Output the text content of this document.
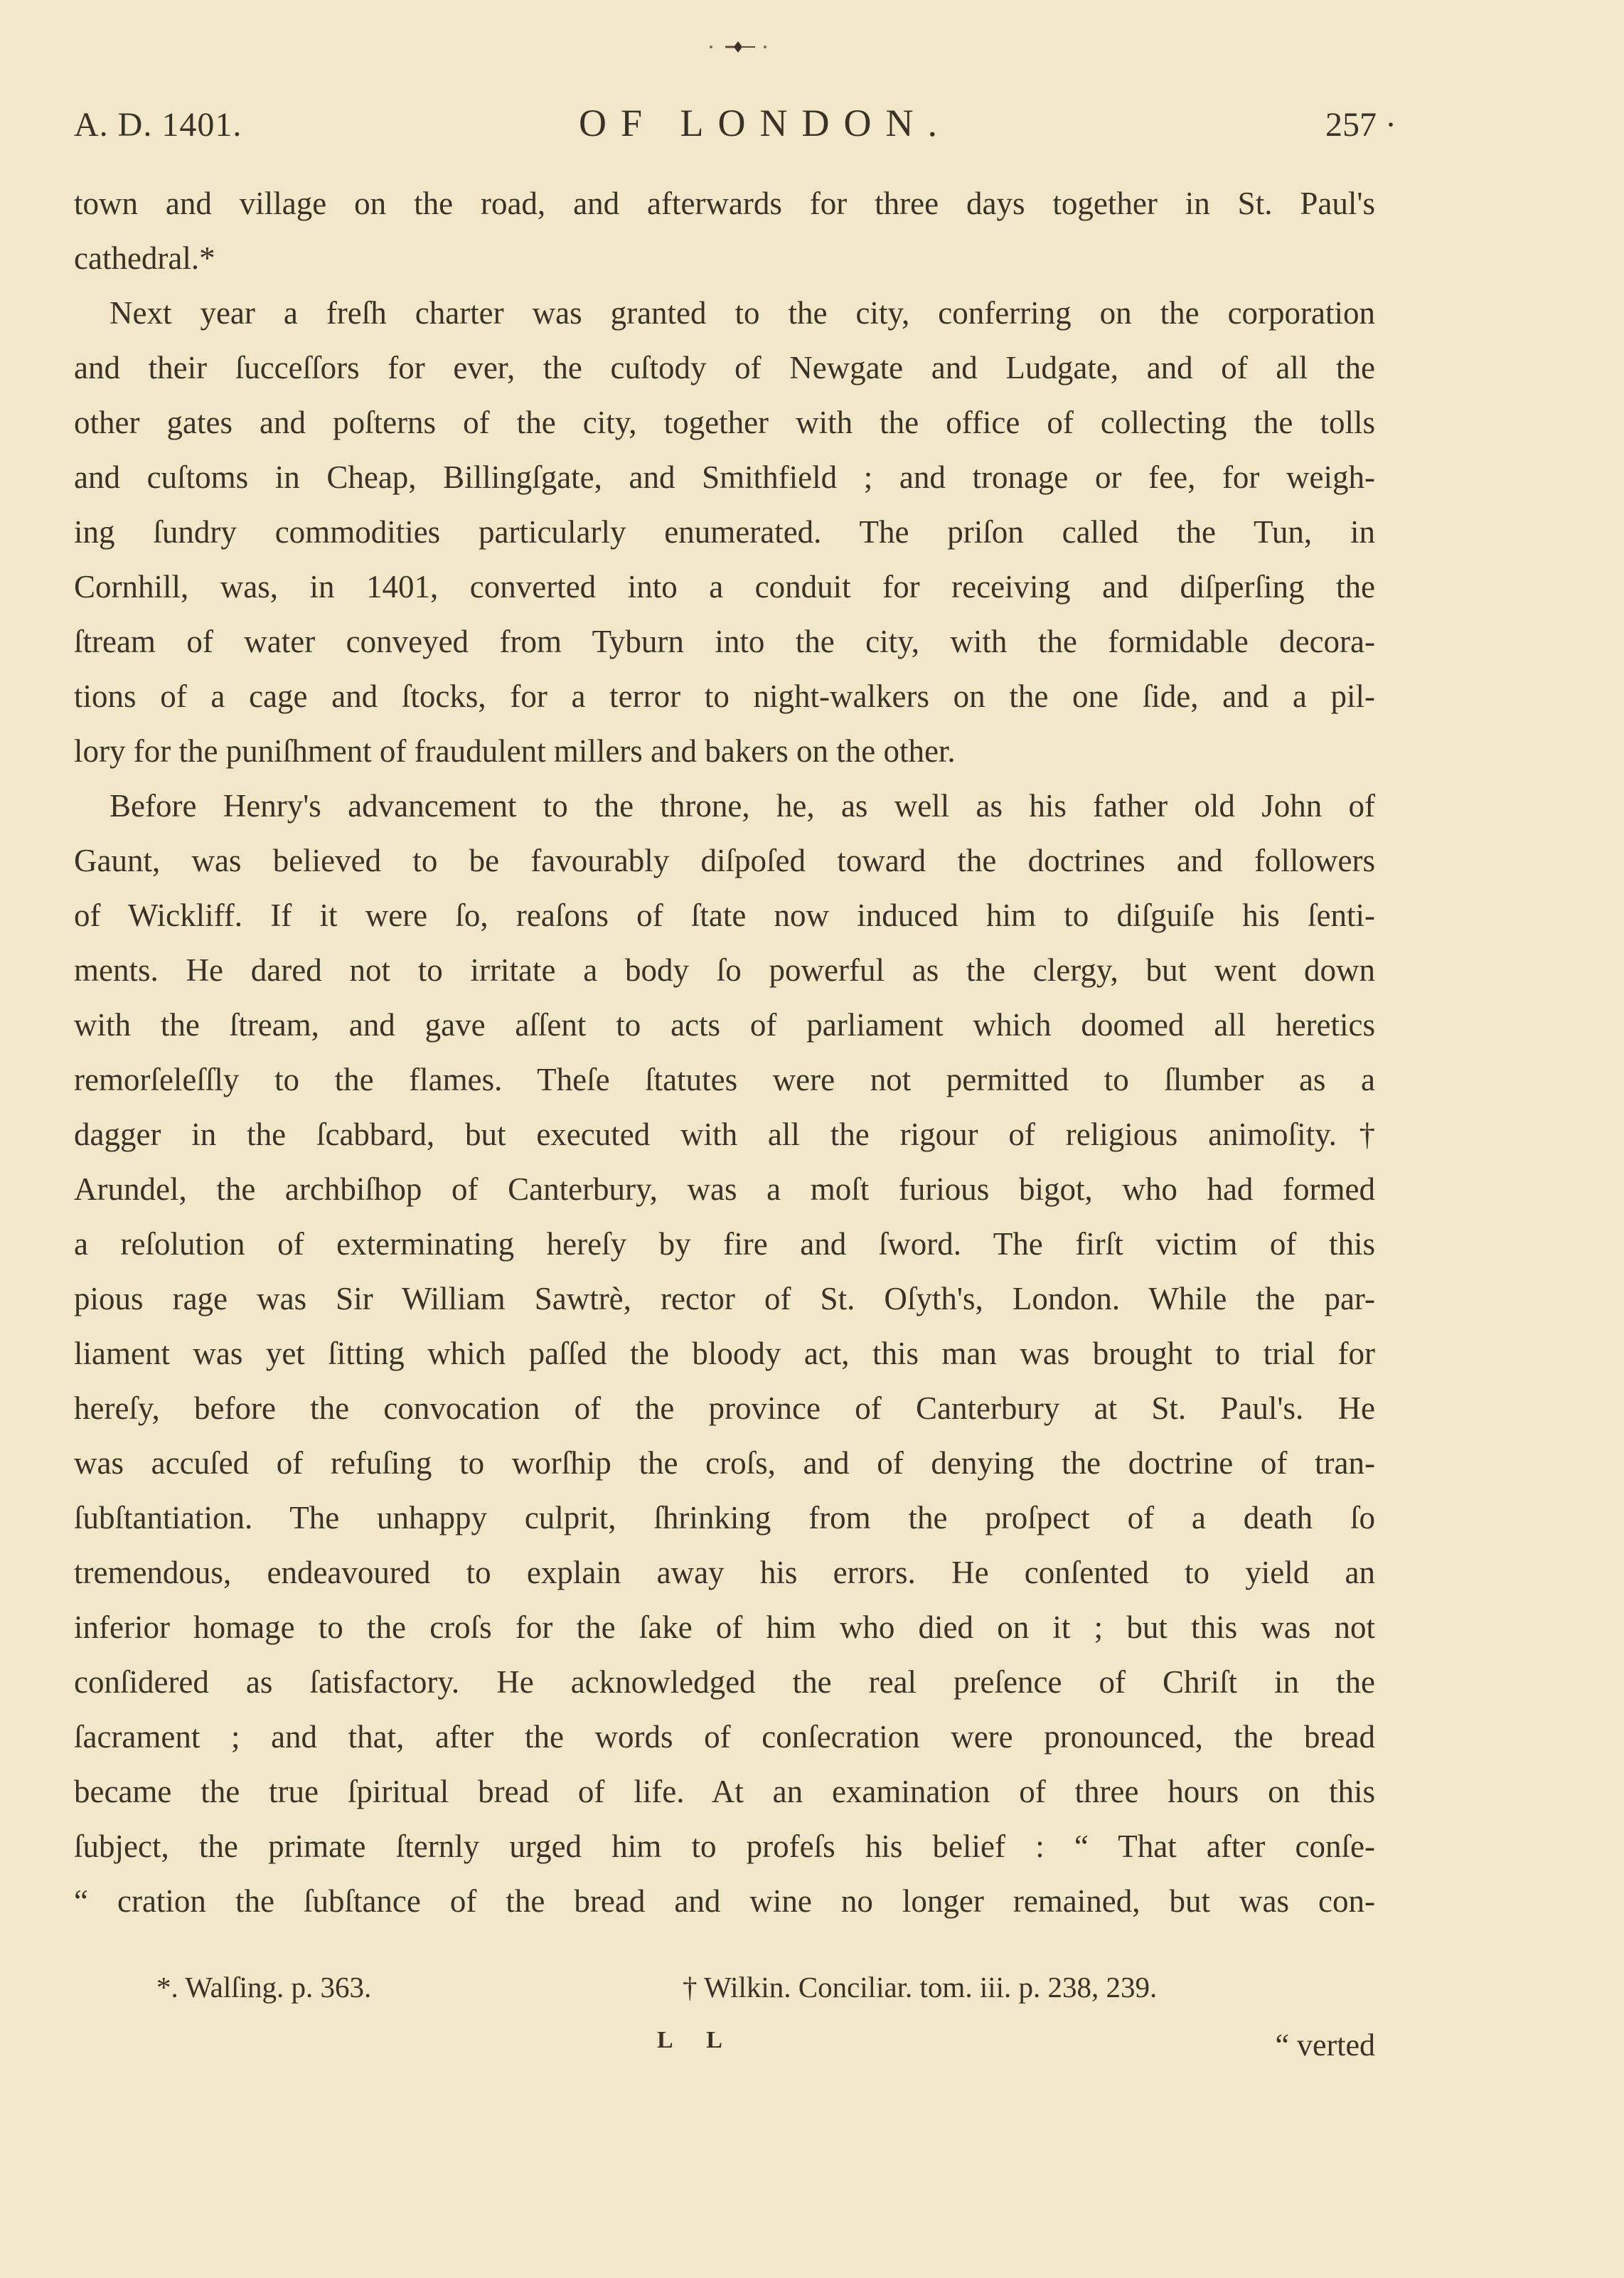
A. D. 1401.	OF LONDON.	257 ·
town and village on the road, and afterwards for three days together in St. Paul's
cathedral.*
Next year a freſh charter was granted to the city, conferring on the corporation
and their ſucceſſors for ever, the cuſtody of Newgate and Ludgate, and of all the
other gates and poſterns of the city, together with the office of collecting the tolls
and cuſtoms in Cheap, Billingſgate, and Smithfield ; and tronage or fee, for weigh-
ing ſundry commodities particularly enumerated. The priſon called the Tun, in
Cornhill, was, in 1401, converted into a conduit for receiving and diſperſing the
ſtream of water conveyed from Tyburn into the city, with the formidable decora-
tions of a cage and ſtocks, for a terror to night-walkers on the one ſide, and a pil-
lory for the puniſhment of fraudulent millers and bakers on the other.
Before Henry's advancement to the throne, he, as well as his father old John of
Gaunt, was believed to be favourably diſpoſed toward the doctrines and followers
of Wickliff. If it were ſo, reaſons of ſtate now induced him to diſguiſe his ſenti-
ments. He dared not to irritate a body ſo powerful as the clergy, but went down
with the ſtream, and gave aſſent to acts of parliament which doomed all heretics
remorſeleſſly to the flames. Theſe ſtatutes were not permitted to ſlumber as a
dagger in the ſcabbard, but executed with all the rigour of religious animoſity.†
Arundel, the archbiſhop of Canterbury, was a moſt furious bigot, who had formed
a reſolution of exterminating hereſy by fire and ſword. The firſt victim of this
pious rage was Sir William Sawtrè, rector of St. Oſyth's, London. While the par-
liament was yet ſitting which paſſed the bloody act, this man was brought to trial for
hereſy, before the convocation of the province of Canterbury at St. Paul's. He
was accuſed of refuſing to worſhip the croſs, and of denying the doctrine of tran-
ſubſtantiation. The unhappy culprit, ſhrinking from the proſpect of a death ſo
tremendous, endeavoured to explain away his errors. He conſented to yield an
inferior homage to the croſs for the ſake of him who died on it ; but this was not
conſidered as ſatisfactory. He acknowledged the real preſence of Chriſt in the
ſacrament ; and that, after the words of conſecration were pronounced, the bread
became the true ſpiritual bread of life. At an examination of three hours on this
ſubject, the primate ſternly urged him to profeſs his belief : “ That after conſe-
“ cration the ſubſtance of the bread and wine no longer remained, but was con-
*. Walſing. p. 363.	† Wilkin. Conciliar. tom. iii. p. 238, 239.
L L	“ verted
